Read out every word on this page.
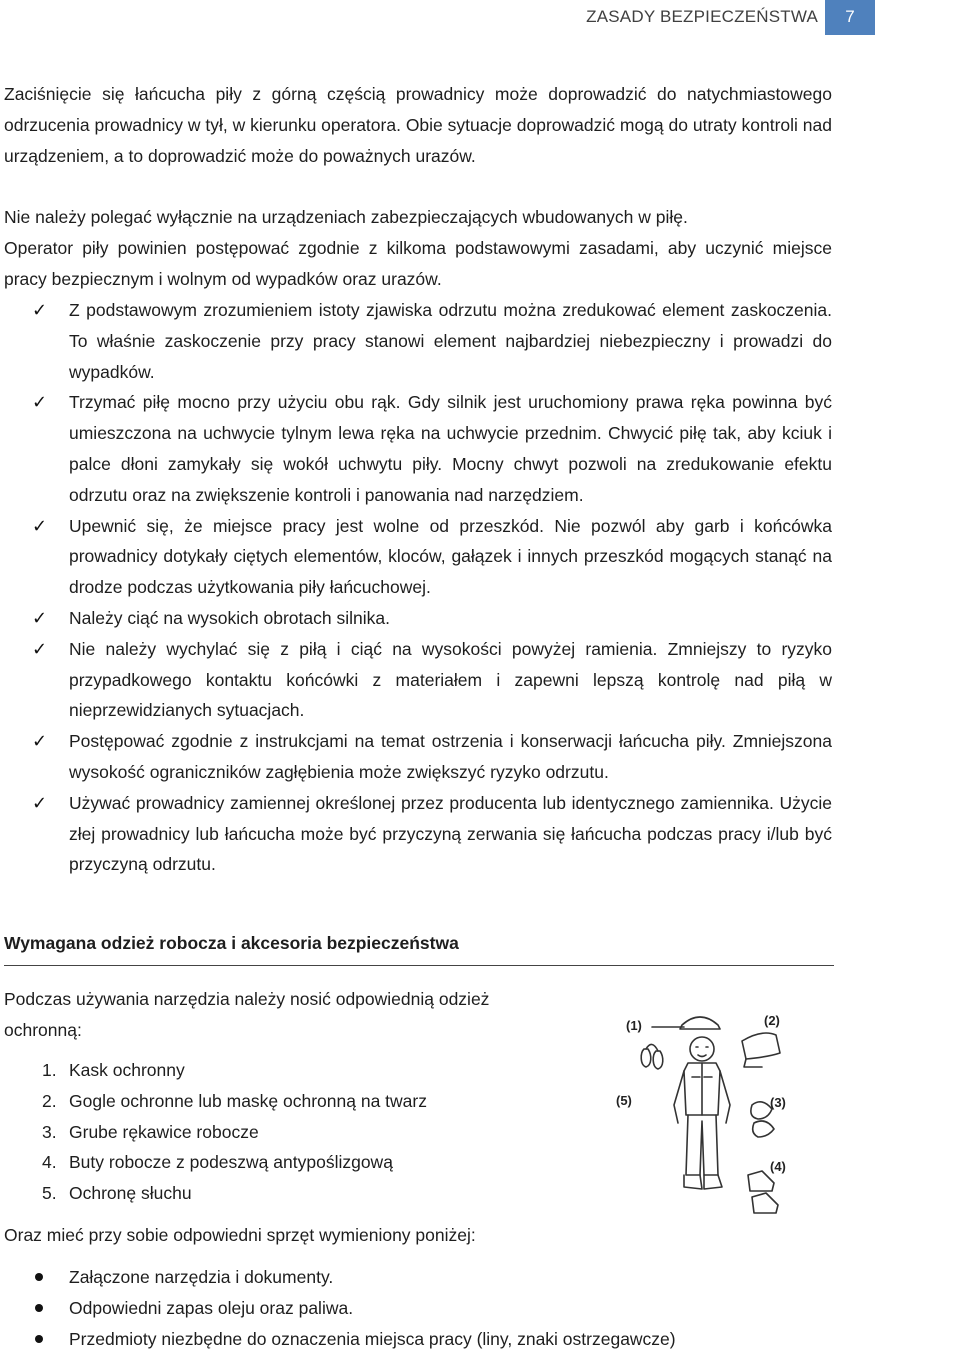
ZASADY BEZPIECZEŃSTWA	7
Zaciśnięcie się łańcucha piły z górną częścią prowadnicy może doprowadzić do natychmiastowego odrzucenia prowadnicy w tył, w kierunku operatora. Obie sytuacje doprowadzić mogą do utraty kontroli nad urządzeniem, a to doprowadzić może do poważnych urazów.
Nie należy polegać wyłącznie na urządzeniach zabezpieczających wbudowanych w piłę.
Operator piły powinien postępować zgodnie z kilkoma podstawowymi zasadami, aby uczynić miejsce pracy bezpiecznym i wolnym od wypadków oraz urazów.
✓ Z podstawowym zrozumieniem istoty zjawiska odrzutu można zredukować element zaskoczenia. To właśnie zaskoczenie przy pracy stanowi element najbardziej niebezpieczny i prowadzi do wypadków.
✓ Trzymać piłę mocno przy użyciu obu rąk. Gdy silnik jest uruchomiony prawa ręka powinna być umieszczona na uchwycie tylnym lewa ręka na uchwycie przednim. Chwycić piłę tak, aby kciuk i palce dłoni zamykały się wokół uchwytu piły. Mocny chwyt pozwoli na zredukowanie efektu odrzutu oraz na zwiększenie kontroli i panowania nad narzędziem.
✓ Upewnić się, że miejsce pracy jest wolne od przeszkód. Nie pozwól aby garb i końcówka prowadnicy dotykały ciętych elementów, kloców, gałązek i innych przeszkód mogących stanąć na drodze podczas użytkowania piły łańcuchowej.
✓ Należy ciąć na wysokich obrotach silnika.
✓ Nie należy wychylać się z piłą i ciąć na wysokości powyżej ramienia. Zmniejszy to ryzyko przypadkowego kontaktu końcówki z materiałem i zapewni lepszą kontrolę nad piłą w nieprzewidzianych sytuacjach.
✓ Postępować zgodnie z instrukcjami na temat ostrzenia i konserwacji łańcucha piły. Zmniejszona wysokość ograniczników zagłębienia może zwiększyć ryzyko odrzutu.
✓ Używać prowadnicy zamiennej określonej przez producenta lub identycznego zamiennika. Użycie złej prowadnicy lub łańcucha może być przyczyną zerwania się łańcucha podczas pracy i/lub być przyczyną odrzutu.
Wymagana odzież robocza i akcesoria bezpieczeństwa
Podczas używania narzędzia należy nosić odpowiednią odzież ochronną:
1. Kask ochronny
2. Gogle ochronne lub maskę ochronną na twarz
3. Grube rękawice robocze
4. Buty robocze z podeszwą antypoślizgową
5. Ochronę słuchu
Oraz mieć przy sobie odpowiedni sprzęt wymieniony poniżej:
Załączone narzędzia i dokumenty.
Odpowiedni zapas oleju oraz paliwa.
Przedmioty niezbędne do oznaczenia miejsca pracy (liny, znaki ostrzegawcze)
(1)	(2)
(3)
(4)
(5)
